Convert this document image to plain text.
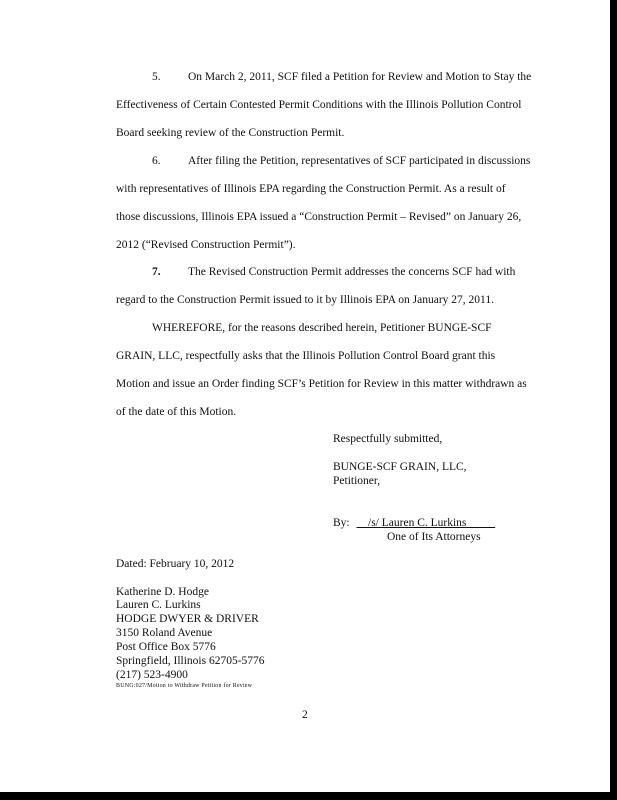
5. On March 2, 2011, SCF filed a Petition for Review and Motion to Stay the
Effectiveness of Certain Contested Permit Conditions with the Illinois Pollution Control
Board seeking review of the Construction Permit.
6. After filing the Petition, representatives of SCF participated in discussions
with representatives of Illinois EPA regarding the Construction Permit. As a result of
those discussions, Illinois EPA issued a “Construction Permit – Revised” on January 26,
2012 (“Revised Construction Permit”).
7. The Revised Construction Permit addresses the concerns SCF had with
regard to the Construction Permit issued to it by Illinois EPA on January 27, 2011.
WHEREFORE, for the reasons described herein, Petitioner BUNGE-SCF
GRAIN, LLC, respectfully asks that the Illinois Pollution Control Board grant this
Motion and issue an Order finding SCF’s Petition for Review in this matter withdrawn as
of the date of this Motion.
Respectfully submitted,
BUNGE-SCF GRAIN, LLC,
Petitioner,
By:      /s/  Lauren C. Lurkins          
One of Its Attorneys
Dated: February 10, 2012
Katherine D. Hodge
Lauren C. Lurkins
HODGE DWYER & DRIVER
3150 Roland Avenue
Post Office Box 5776
Springfield, Illinois 62705-5776
(217) 523-4900
BUNG:027/Motion to Withdraw Petition for Review
2
